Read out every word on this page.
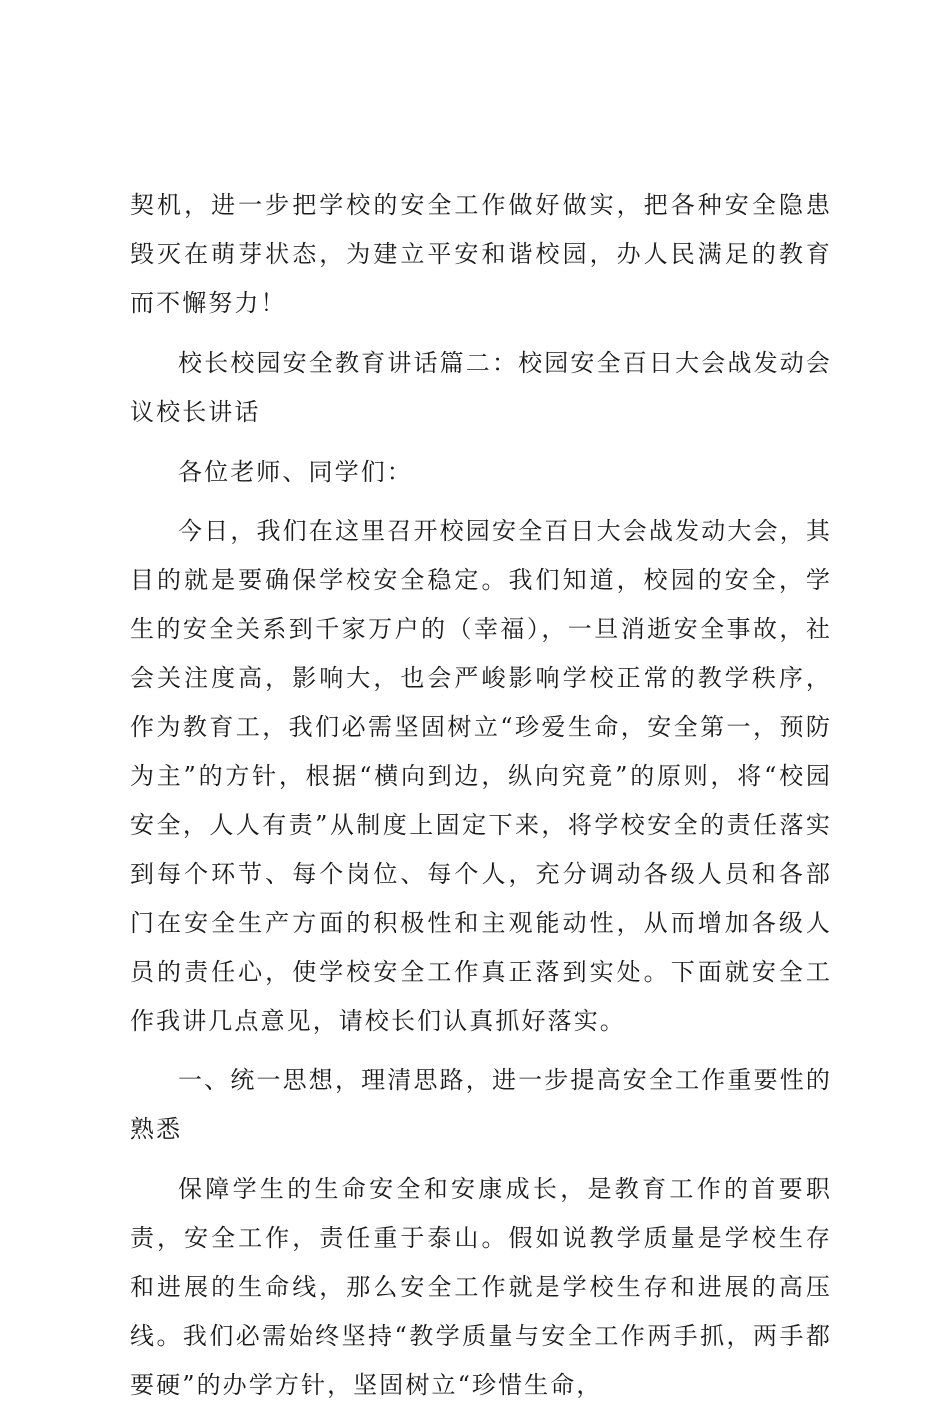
契机，进一步把学校的安全工作做好做实，把各种安全隐患毁灭在萌芽状态，为建立平安和谐校园，办人民满足的教育而不懈努力！

校长校园安全教育讲话篇二：校园安全百日大会战发动会议校长讲话

各位老师、同学们：

今日，我们在这里召开校园安全百日大会战发动大会，其目的就是要确保学校安全稳定。我们知道，校园的安全，学生的安全关系到千家万户的（幸福），一旦消逝安全事故，社会关注度高，影响大，也会严峻影响学校正常的教学秩序，作为教育工，我们必需坚固树立“珍爱生命，安全第一，预防为主”的方针，根据“横向到边，纵向究竟”的原则，将“校园安全，人人有责”从制度上固定下来，将学校安全的责任落实到每个环节、每个岗位、每个人，充分调动各级人员和各部门在安全生产方面的积极性和主观能动性，从而增加各级人员的责任心，使学校安全工作真正落到实处。下面就安全工作我讲几点意见，请校长们认真抓好落实。

一、统一思想，理清思路，进一步提高安全工作重要性的熟悉

保障学生的生命安全和安康成长，是教育工作的首要职责，安全工作，责任重于泰山。假如说教学质量是学校生存和进展的生命线，那么安全工作就是学校生存和进展的高压线。我们必需始终坚持“教学质量与安全工作两手抓，两手都要硬”的办学方针，坚固树立“珍惜生命，
